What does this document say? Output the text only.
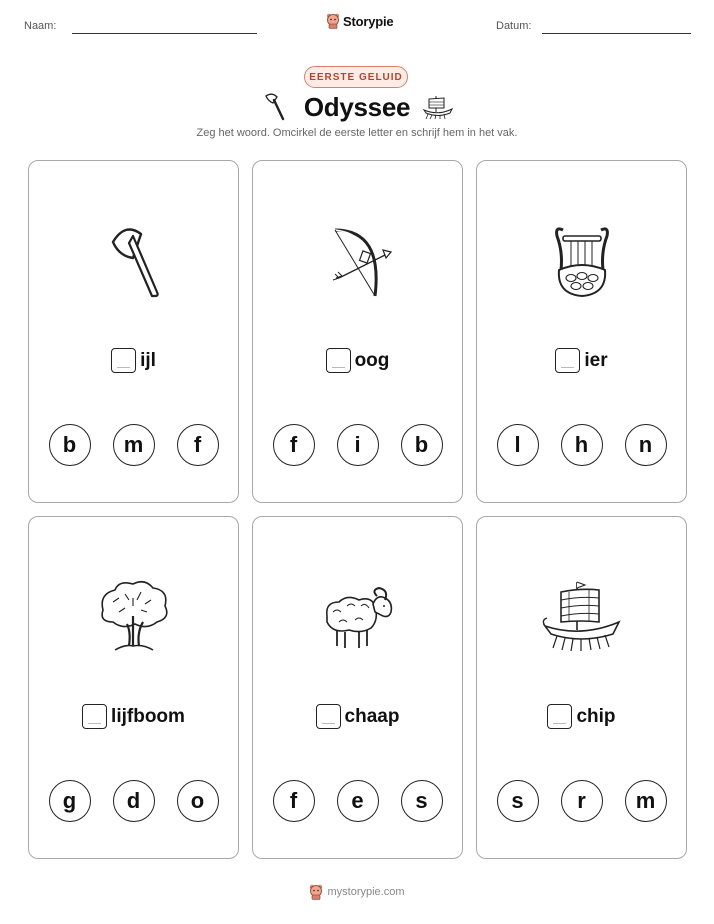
Naam:	Storypie	Datum:
EERSTE GELUID
Odyssee
Zeg het woord. Omcirkel de eerste letter en schrijf hem in het vak.
ijl
b	m	f
oog
f	i	b
ier
l	h	n
lijfboom
g	d	o
chaap
f	e	s
chip
s	r	m
mystorypie.com
